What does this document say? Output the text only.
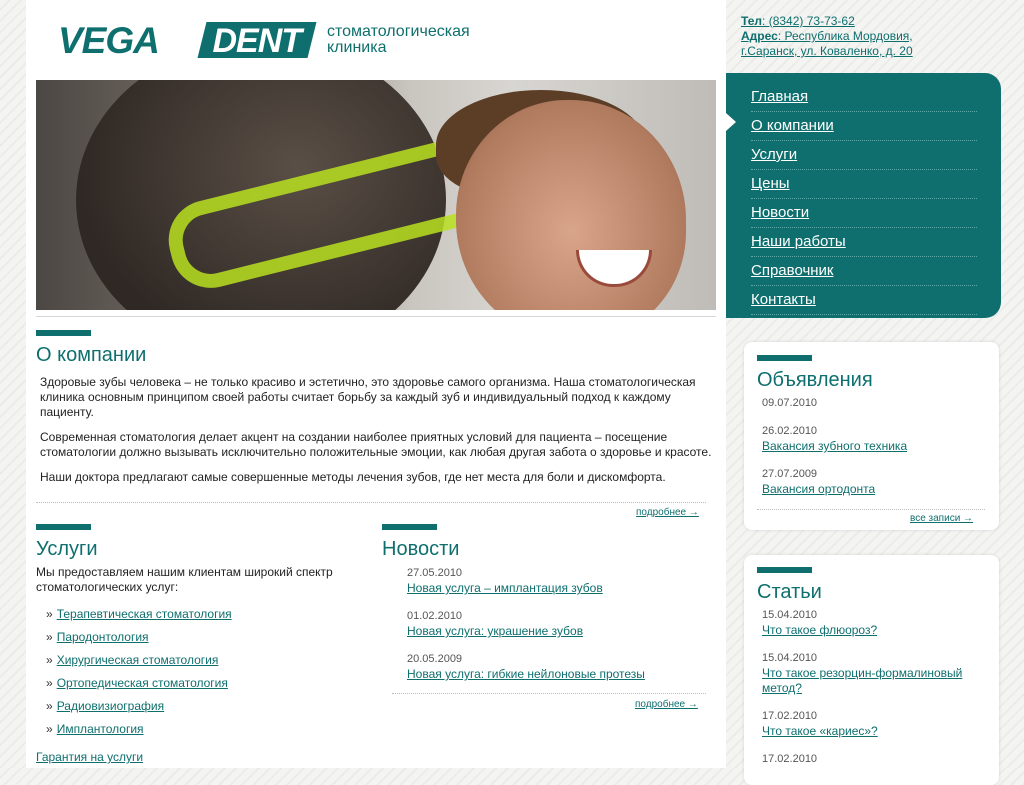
VEGA	DENT	стоматологическая
клиника
Тел: (8342) 73-73-62
Адрес: Республика Мордовия,
г.Саранск, ул. Коваленко, д. 20
Главная
О компании
Услуги
Цены
Новости
Наши работы
Справочник
Контакты
О компании

Здоровые зубы человека – не только красиво и эстетично, это здоровье самого организма. Наша стоматологическая клиника основным принципом своей работы считает борьбу за каждый зуб и индивидуальный подход к каждому пациенту.

Современная стоматология делает акцент на создании наиболее приятных условий для пациента – посещение стоматологии должно вызывать исключительно положительные эмоции, как любая другая забота о здоровье и красоте.

Наши доктора предлагают самые совершенные методы лечения зубов, где нет места для боли и дискомфорта.

подробнее →
Услуги
Мы предоставляем нашим клиентам широкий спектр стоматологических услуг:
» Терапевтическая стоматология
» Пародонтология
» Хирургическая стоматология
» Ортопедическая стоматология
» Радиовизиография
» Имплантология
Гарантия на услуги
Новости
27.05.2010
Новая услуга – имплантация зубов
01.02.2010
Новая услуга: украшение зубов
20.05.2009
Новая услуга: гибкие нейлоновые протезы
подробнее →
Объявления
09.07.2010
26.02.2010
Вакансия зубного техника
27.07.2009
Вакансия ортодонта
все записи →
Статьи
15.04.2010
Что такое флюороз?
15.04.2010
Что такое резорцин-формалиновый метод?
17.02.2010
Что такое «кариес»?
17.02.2010
